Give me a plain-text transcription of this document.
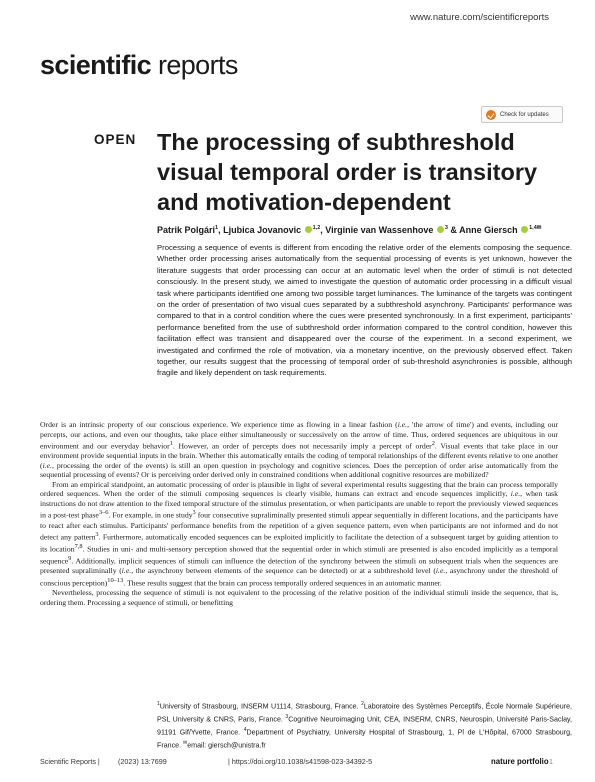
www.nature.com/scientificreports
scientific reports
Check for updates
OPEN The processing of subthreshold visual temporal order is transitory and motivation-dependent
Patrik Polgári$^1$, Ljubica Jovanovic $^{1,2}$, Virginie van Wassenhove $^3$ & Anne Giersch $^{1,4✉}$

Processing a sequence of events is different from encoding the relative order of the elements composing the sequence. Whether order processing arises automatically from the sequential processing of events is yet unknown, however the literature suggests that order processing can occur at an automatic level when the order of stimuli is not detected consciously. In the present study, we aimed to investigate the question of automatic order processing in a difficult visual task where participants identified one among two possible target luminances. The luminance of the targets was contingent on the order of presentation of two visual cues separated by a subthreshold asynchrony. Participants' performance was compared to that in a control condition where the cues were presented synchronously. In a first experiment, participants' performance benefited from the use of subthreshold order information compared to the control condition, however this facilitation effect was transient and disappeared over the course of the experiment. In a second experiment, we investigated and confirmed the role of motivation, via a monetary incentive, on the previously observed effect. Taken together, our results suggest that the processing of temporal order of sub-threshold asynchronies is possible, although fragile and likely dependent on task requirements.

Order is an intrinsic property of our conscious experience. We experience time as flowing in a linear fashion (i.e., 'the arrow of time') and events, including our percepts, our actions, and even our thoughts, take place either simultaneously or successively on the arrow of time. Thus, ordered sequences are ubiquitous in our environment and our everyday behavior$^1$. However, an order of percepts does not necessarily imply a percept of order$^2$. Visual events that take place in our environment provide sequential inputs in the brain. Whether this automatically entails the coding of temporal relationships of the different events relative to one another (i.e., processing the order of the events) is still an open question in psychology and cognitive sciences. Does the perception of order arise automatically from the sequential processing of events? Or is perceiving order derived only in constrained conditions when additional cognitive resources are mobilized?

From an empirical standpoint, an automatic processing of order is plausible in light of several experimental results suggesting that the brain can process temporally ordered sequences. When the order of the stimuli composing sequences is clearly visible, humans can extract and encode sequences implicitly, i.e., when task instructions do not draw attention to the fixed temporal structure of the stimulus presentation, or when participants are unable to report the previously viewed sequences in a post-test phase$^{3-6}$. For example, in one study$^3$ four consecutive supraliminally presented stimuli appear sequentially in different locations, and the participants have to react after each stimulus. Participants' performance benefits from the repetition of a given sequence pattern, even when participants are not informed and do not detect any pattern$^3$. Furthermore, automatically encoded sequences can be exploited implicitly to facilitate the detection of a subsequent target by guiding attention to its location$^{7,8}$. Studies in uni- and multi-sensory perception showed that the sequential order in which stimuli are presented is also encoded implicitly as a temporal sequence$^9$. Additionally, implicit sequences of stimuli can influence the detection of the synchrony between the stimuli on subsequent trials when the sequences are presented supraliminally (i.e., the asynchrony between elements of the sequence can be detected) or at a subthreshold level (i.e., asynchrony under the threshold of conscious perception)$^{10-13}$. These results suggest that the brain can process temporally ordered sequences in an automatic manner.

Nevertheless, processing the sequence of stimuli is not equivalent to the processing of the relative position of the individual stimuli inside the sequence, that is, ordering them. Processing a sequence of stimuli, or benefitting

$^1$University of Strasbourg, INSERM U1114, Strasbourg, France. $^2$Laboratoire des Systèmes Perceptifs, École Normale Supérieure, PSL University & CNRS, Paris, France. $^3$Cognitive Neuroimaging Unit, CEA, INSERM, CNRS, Neurospin, Université Paris-Saclay, 91191 Gif/Yvette, France. $^4$Department of Psychiatry, University Hospital of Strasbourg, 1, Pl de L'Hôpital, 67000 Strasbourg, France. ✉email: giersch@unistra.fr
Scientific Reports |	(2023) 13:7699	| https://doi.org/10.1038/s41598-023-34392-5	nature portfolio 1
